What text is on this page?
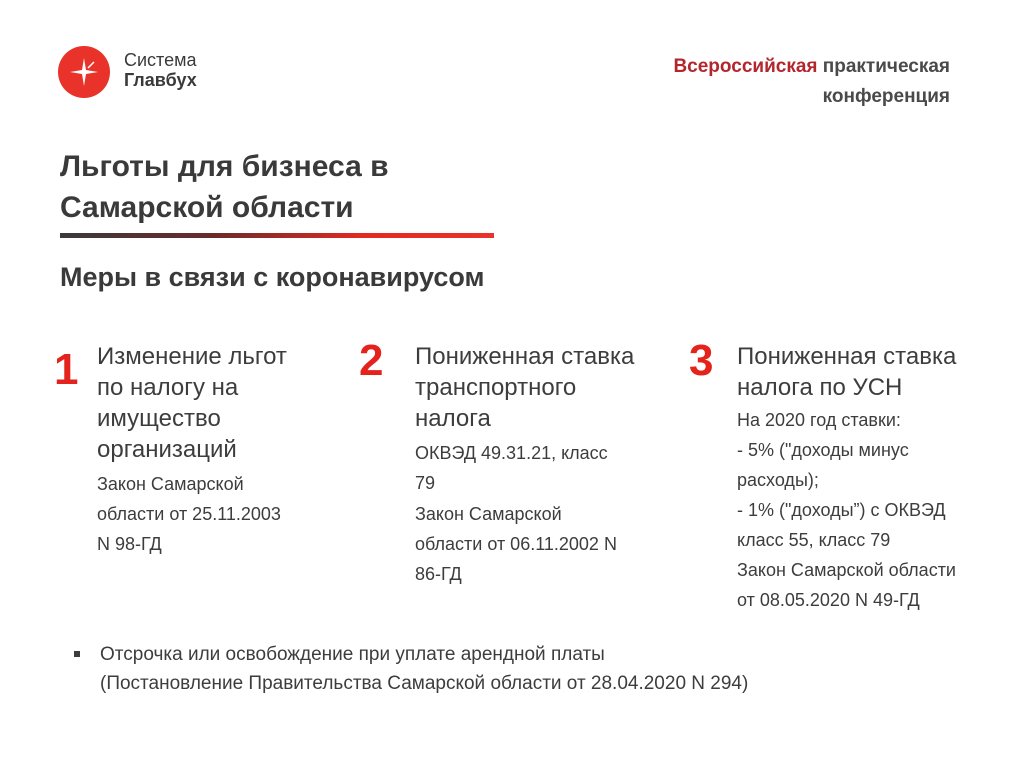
Система
Главбух
Всероссийская практическая
конференция
Льготы для бизнеса в
Самарской области
Меры в связи с коронавирусом
1 Изменение льгот
по налогу на
имущество
организаций
Закон Самарской
области от 25.11.2003
N 98-ГД
2 Пониженная ставка
транспортного
налога
ОКВЭД 49.31.21, класс
79
Закон Самарской
области от 06.11.2002 N
86-ГД
3 Пониженная ставка
налога по УСН
На 2020 год ставки:
- 5% ("доходы минус
расходы);
- 1% ("доходы”) с ОКВЭД
класс 55, класс 79
Закон Самарской области
от 08.05.2020 N 49-ГД
Отсрочка или освобождение при уплате арендной платы
(Постановление Правительства Самарской области от 28.04.2020 N 294)
